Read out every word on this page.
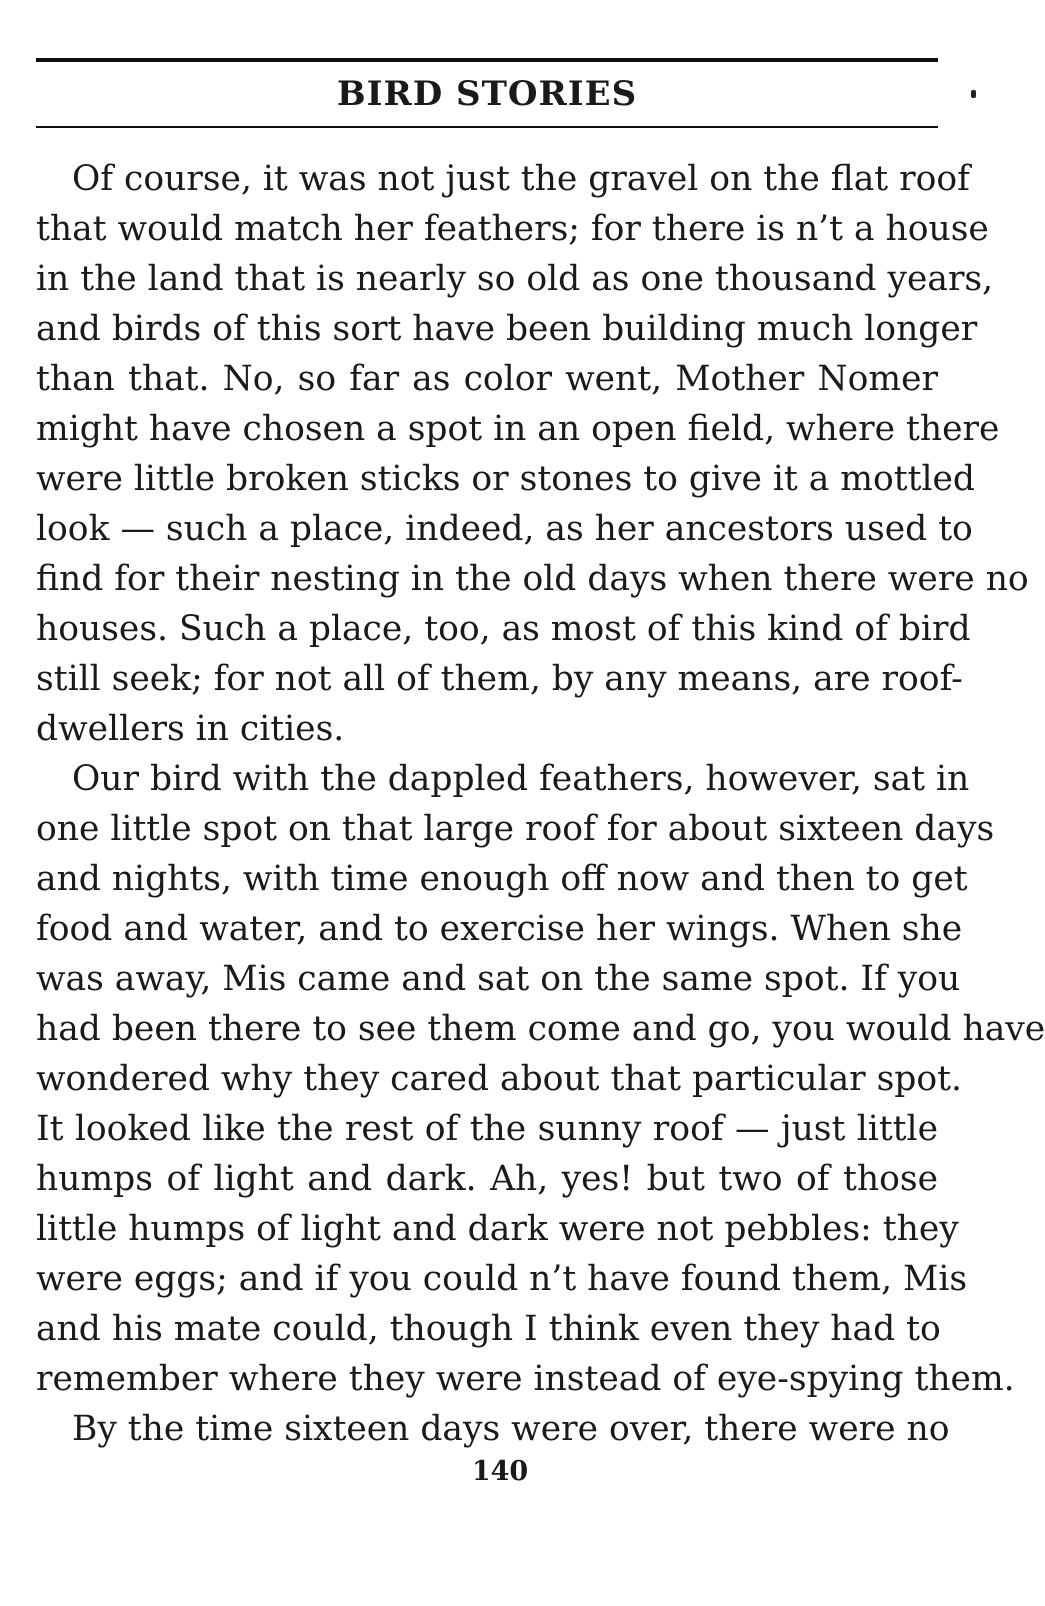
BIRD STORIES

Of course, it was not just the gravel on the flat roof
that would match her feathers; for there is n’t a house
in the land that is nearly so old as one thousand years,
and birds of this sort have been building much longer
than that. No, so far as color went, Mother Nomer
might have chosen a spot in an open field, where there
were little broken sticks or stones to give it a mottled
look — such a place, indeed, as her ancestors used to
find for their nesting in the old days when there were no
houses. Such a place, too, as most of this kind of bird
still seek; for not all of them, by any means, are roof-
dwellers in cities.

Our bird with the dappled feathers, however, sat in
one little spot on that large roof for about sixteen days
and nights, with time enough off now and then to get
food and water, and to exercise her wings. When she
was away, Mis came and sat on the same spot. If you
had been there to see them come and go, you would have
wondered why they cared about that particular spot.
It looked like the rest of the sunny roof — just little
humps of light and dark. Ah, yes! but two of those
little humps of light and dark were not pebbles: they
were eggs; and if you could n’t have found them, Mis
and his mate could, though I think even they had to
remember where they were instead of eye-spying them.

By the time sixteen days were over, there were no

140
